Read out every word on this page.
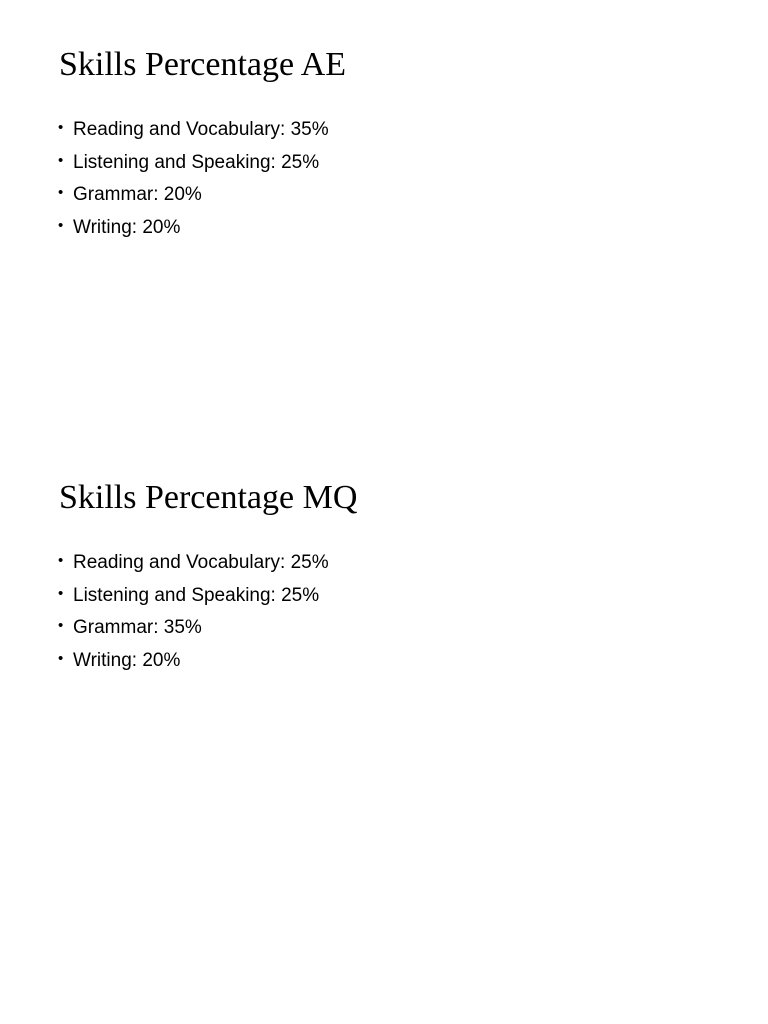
Skills Percentage AE
• Reading and Vocabulary: 35%
• Listening and Speaking: 25%
• Grammar: 20%
• Writing: 20%
Skills Percentage MQ
• Reading and Vocabulary: 25%
• Listening and Speaking: 25%
• Grammar: 35%
• Writing: 20%
